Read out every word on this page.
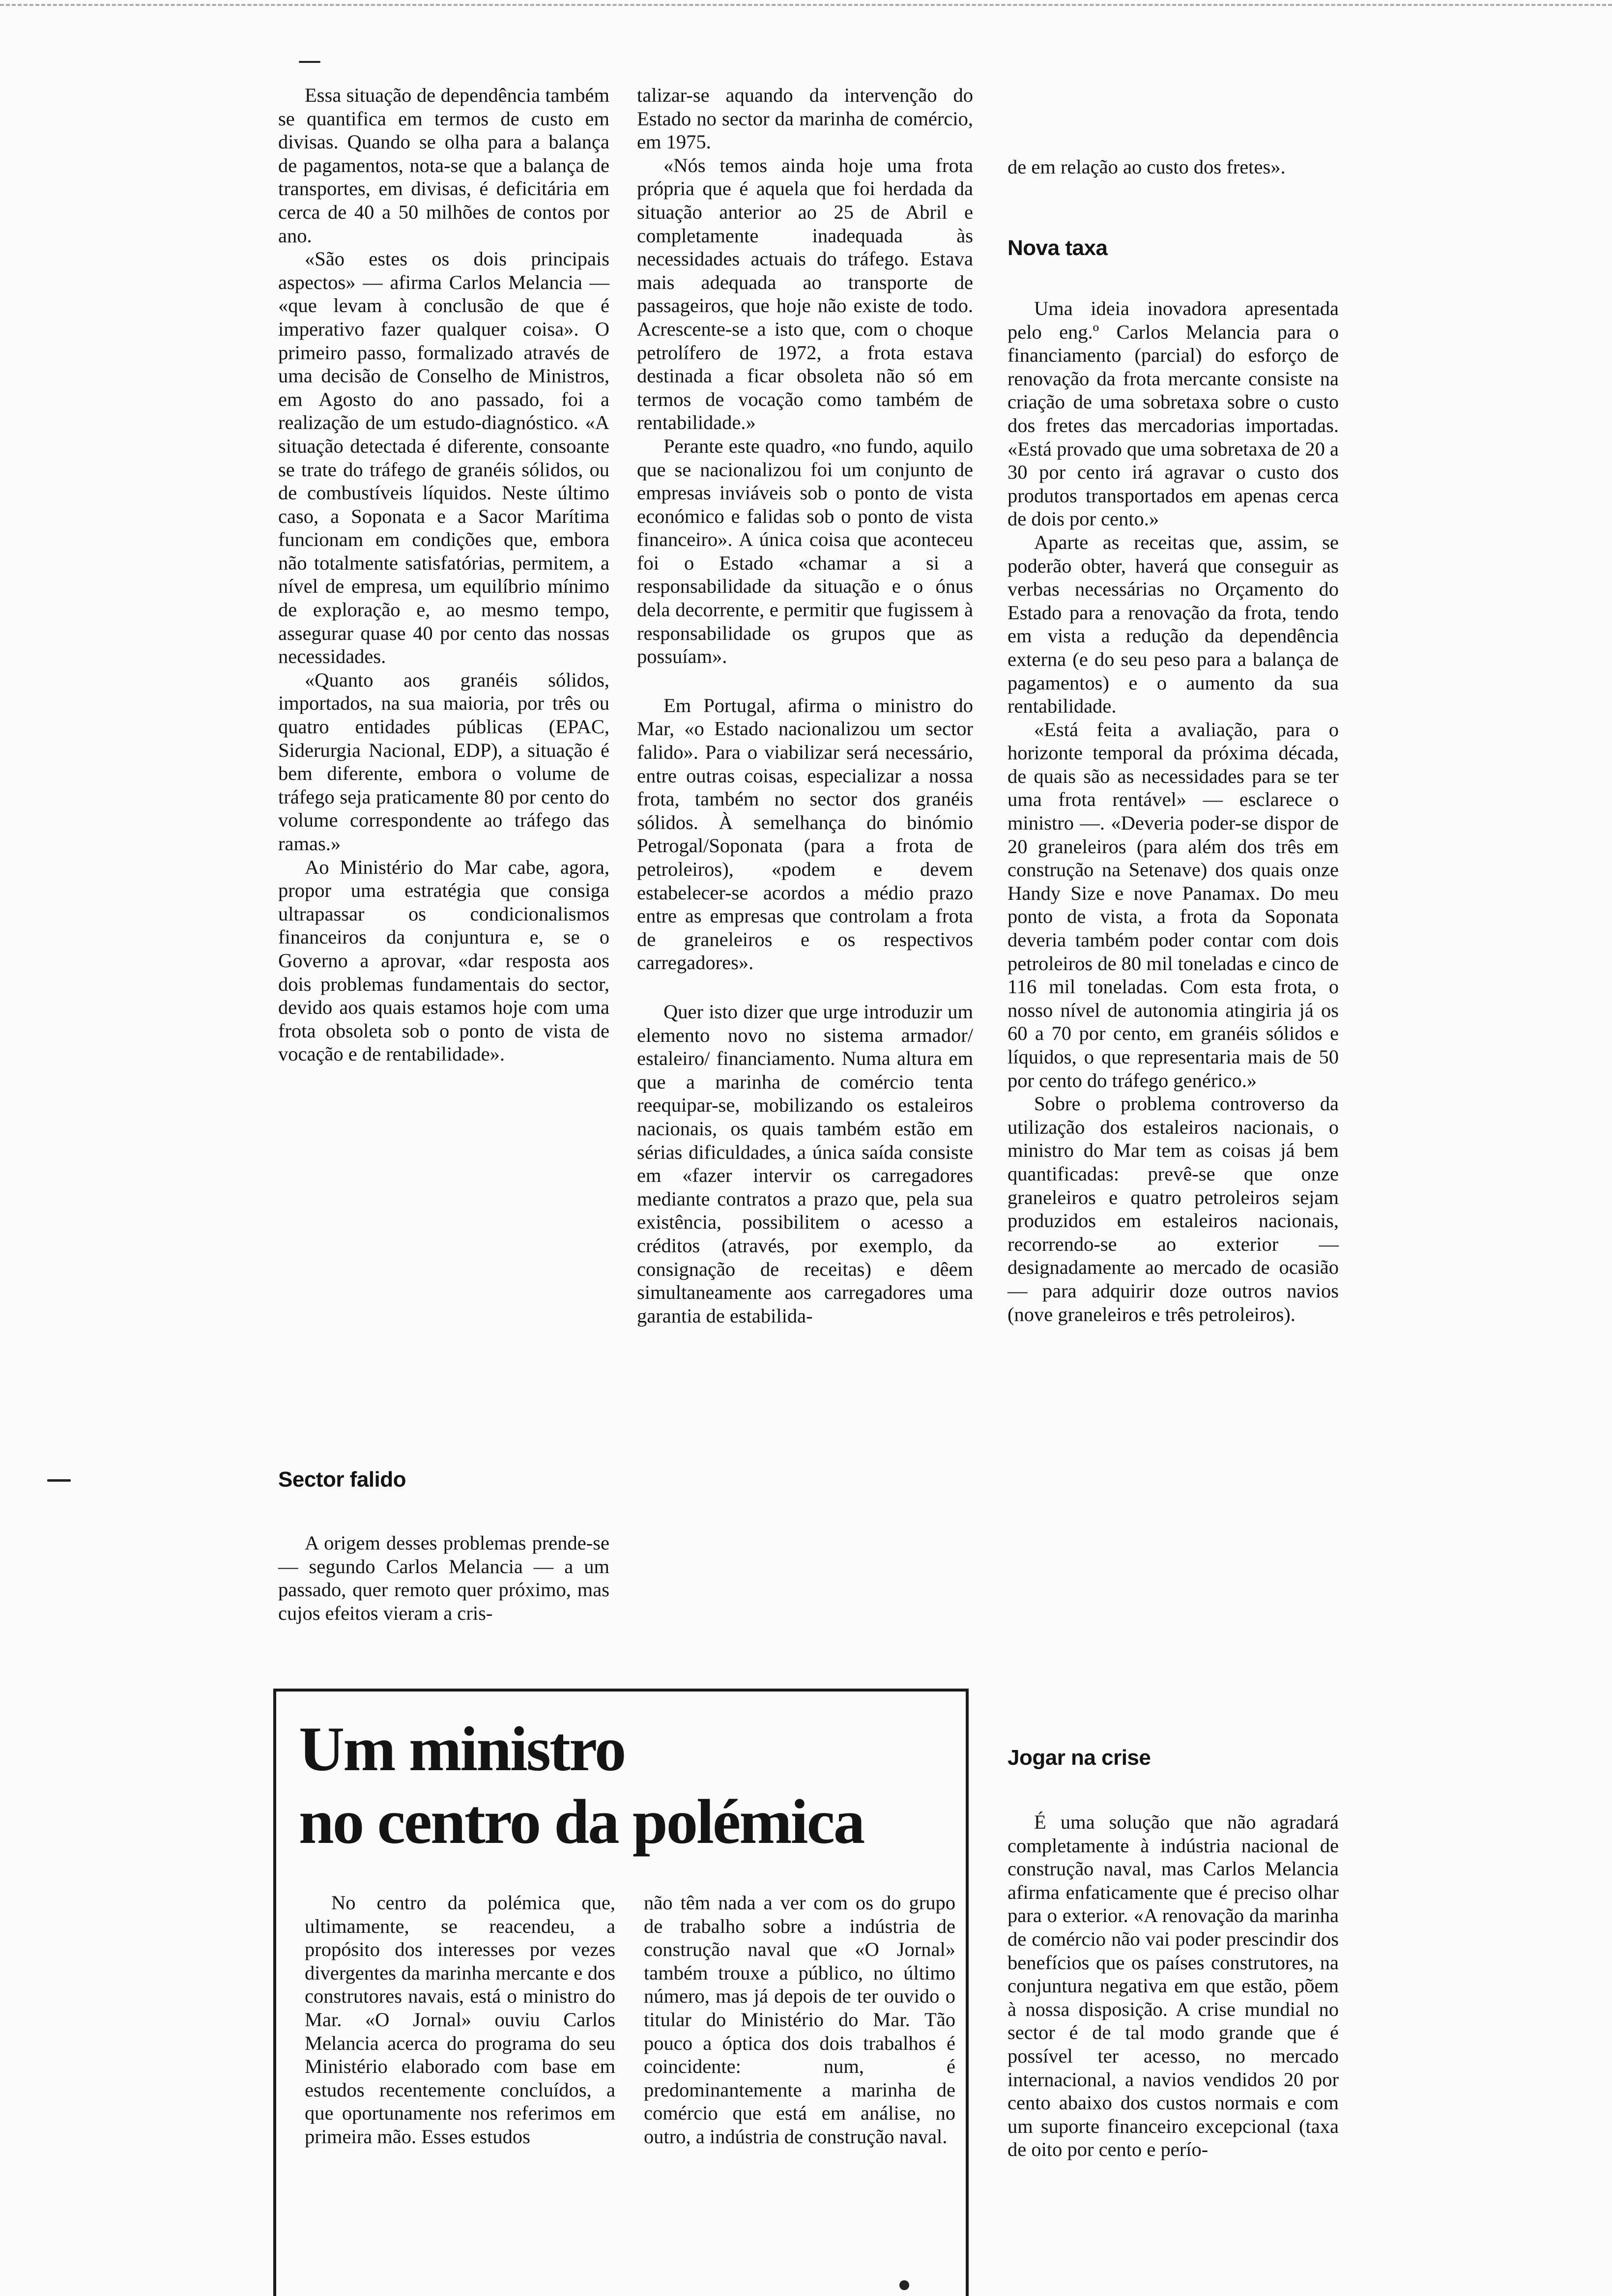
Essa situação de dependência também se quantifica em termos de custo em divisas. Quando se olha para a balança de pagamentos, nota-se que a balança de transportes, em divisas, é deficitária em cerca de 40 a 50 milhões de contos por ano.

«São estes os dois principais aspectos» — afirma Carlos Melancia — «que levam à conclusão de que é imperativo fazer qualquer coisa». O primeiro passo, formalizado através de uma decisão de Conselho de Ministros, em Agosto do ano passado, foi a realização de um estudo-diagnóstico. «A situação detectada é diferente, consoante se trate do tráfego de granéis sólidos, ou de combustíveis líquidos. Neste último caso, a Soponata e a Sacor Marítima funcionam em condições que, embora não totalmente satisfatórias, permitem, a nível de empresa, um equilíbrio mínimo de exploração e, ao mesmo tempo, assegurar quase 40 por cento das nossas necessidades.

«Quanto aos granéis sólidos, importados, na sua maioria, por três ou quatro entidades públicas (EPAC, Siderurgia Nacional, EDP), a situação é bem diferente, embora o volume de tráfego seja praticamente 80 por cento do volume correspondente ao tráfego das ramas.»

Ao Ministério do Mar cabe, agora, propor uma estratégia que consiga ultrapassar os condicionalismos financeiros da conjuntura e, se o Governo a aprovar, «dar resposta aos dois problemas fundamentais do sector, devido aos quais estamos hoje com uma frota obsoleta sob o ponto de vista de vocação e de rentabilidade».

Sector falido

A origem desses problemas prende-se — segundo Carlos Melancia — a um passado, quer remoto quer próximo, mas cujos efeitos vieram a cris-

talizar-se aquando da intervenção do Estado no sector da marinha de comércio, em 1975.

«Nós temos ainda hoje uma frota própria que é aquela que foi herdada da situação anterior ao 25 de Abril e completamente inadequada às necessidades actuais do tráfego. Estava mais adequada ao transporte de passageiros, que hoje não existe de todo. Acrescente-se a isto que, com o choque petrolífero de 1972, a frota estava destinada a ficar obsoleta não só em termos de vocação como também de rentabilidade.»

Perante este quadro, «no fundo, aquilo que se nacionalizou foi um conjunto de empresas inviáveis sob o ponto de vista económico e falidas sob o ponto de vista financeiro». A única coisa que aconteceu foi o Estado «chamar a si a responsabilidade da situação e o ónus dela decorrente, e permitir que fugissem à responsabilidade os grupos que as possuíam».

Em Portugal, afirma o ministro do Mar, «o Estado nacionalizou um sector falido». Para o viabilizar será necessário, entre outras coisas, especializar a nossa frota, também no sector dos granéis sólidos. À semelhança do binómio Petrogal/Soponata (para a frota de petroleiros), «podem e devem estabelecer-se acordos a médio prazo entre as empresas que controlam a frota de graneleiros e os respectivos carregadores».

Quer isto dizer que urge introduzir um elemento novo no sistema armador/ estaleiro/ financiamento. Numa altura em que a marinha de comércio tenta reequipar-se, mobilizando os estaleiros nacionais, os quais também estão em sérias dificuldades, a única saída consiste em «fazer intervir os carregadores mediante contratos a prazo que, pela sua existência, possibilitem o acesso a créditos (através, por exemplo, da consignação de receitas) e dêem simultaneamente aos carregadores uma garantia de estabilida-

de em relação ao custo dos fretes».

Nova taxa

Uma ideia inovadora apresentada pelo eng.º Carlos Melancia para o financiamento (parcial) do esforço de renovação da frota mercante consiste na criação de uma sobretaxa sobre o custo dos fretes das mercadorias importadas. «Está provado que uma sobretaxa de 20 a 30 por cento irá agravar o custo dos produtos transportados em apenas cerca de dois por cento.»

Aparte as receitas que, assim, se poderão obter, haverá que conseguir as verbas necessárias no Orçamento do Estado para a renovação da frota, tendo em vista a redução da dependência externa (e do seu peso para a balança de pagamentos) e o aumento da sua rentabilidade.

«Está feita a avaliação, para o horizonte temporal da próxima década, de quais são as necessidades para se ter uma frota rentável» — esclarece o ministro —. «Deveria poder-se dispor de 20 graneleiros (para além dos três em construção na Setenave) dos quais onze Handy Size e nove Panamax. Do meu ponto de vista, a frota da Soponata deveria também poder contar com dois petroleiros de 80 mil toneladas e cinco de 116 mil toneladas. Com esta frota, o nosso nível de autonomia atingiria já os 60 a 70 por cento, em granéis sólidos e líquidos, o que representaria mais de 50 por cento do tráfego genérico.»

Sobre o problema controverso da utilização dos estaleiros nacionais, o ministro do Mar tem as coisas já bem quantificadas: prevê-se que onze graneleiros e quatro petroleiros sejam produzidos em estaleiros nacionais, recorrendo-se ao exterior — designadamente ao mercado de ocasião — para adquirir doze outros navios (nove graneleiros e três petroleiros).

Jogar na crise

É uma solução que não agradará completamente à indústria nacional de construção naval, mas Carlos Melancia afirma enfaticamente que é preciso olhar para o exterior. «A renovação da marinha de comércio não vai poder prescindir dos benefícios que os países construtores, na conjuntura negativa em que estão, põem à nossa disposição. A crise mundial no sector é de tal modo grande que é possível ter acesso, no mercado internacional, a navios vendidos 20 por cento abaixo dos custos normais e com um suporte financeiro excepcional (taxa de oito por cento e perío-

Um ministro
no centro da polémica

No centro da polémica que, ultimamente, se reacendeu, a propósito dos interesses por vezes divergentes da marinha mercante e dos construtores navais, está o ministro do Mar. «O Jornal» ouviu Carlos Melancia acerca do programa do seu Ministério elaborado com base em estudos recentemente concluídos, a que oportunamente nos referimos em primeira mão. Esses estudos

não têm nada a ver com os do grupo de trabalho sobre a indústria de construção naval que «O Jornal» também trouxe a público, no último número, mas já depois de ter ouvido o titular do Ministério do Mar. Tão pouco a óptica dos dois trabalhos é coincidente: num, é predominantemente a marinha de comércio que está em análise, no outro, a indústria de construção naval.
